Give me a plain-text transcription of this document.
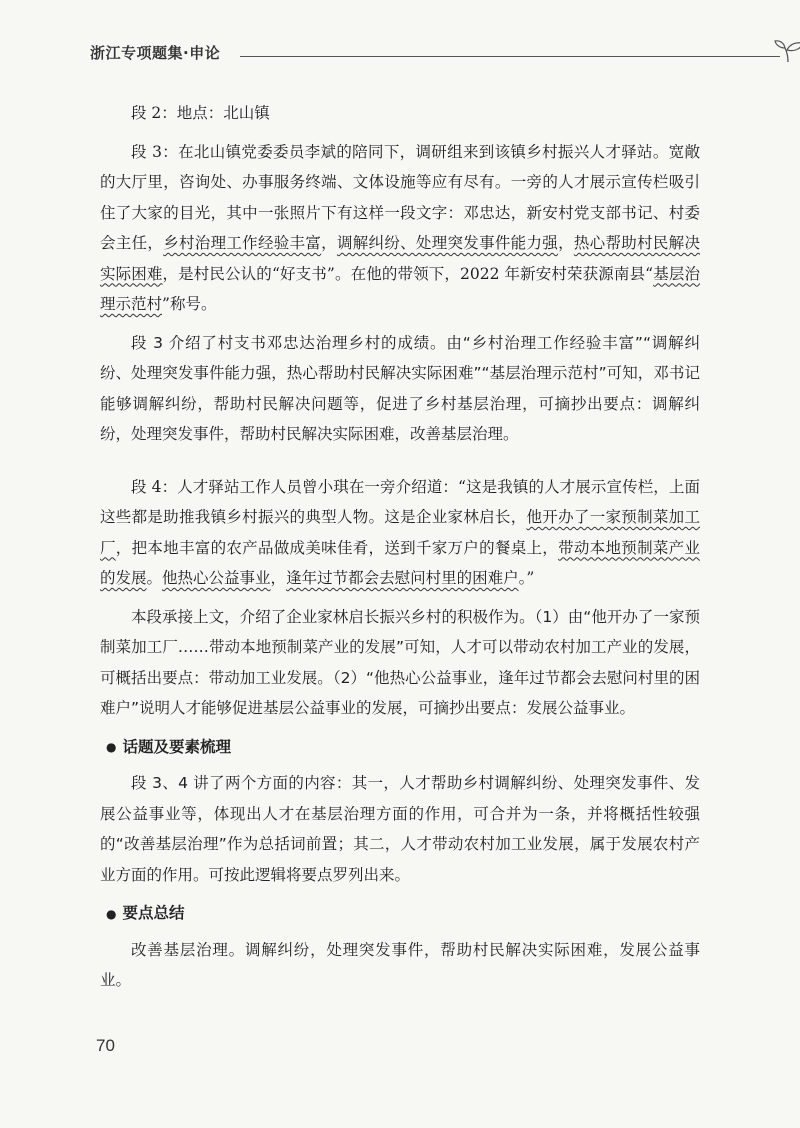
浙江专项题集·申论

段 2：地点：北山镇

段 3：在北山镇党委委员李斌的陪同下，调研组来到该镇乡村振兴人才驿站。宽敞的大厅里，咨询处、办事服务终端、文体设施等应有尽有。一旁的人才展示宣传栏吸引住了大家的目光，其中一张照片下有这样一段文字：邓忠达，新安村党支部书记、村委会主任，乡村治理工作经验丰富，调解纠纷、处理突发事件能力强，热心帮助村民解决实际困难，是村民公认的“好支书”。在他的带领下，2022 年新安村荣获源南县“基层治理示范村”称号。

段 3 介绍了村支书邓忠达治理乡村的成绩。由“乡村治理工作经验丰富”“调解纠纷、处理突发事件能力强，热心帮助村民解决实际困难”“基层治理示范村”可知，邓书记能够调解纠纷，帮助村民解决问题等，促进了乡村基层治理，可摘抄出要点：调解纠纷，处理突发事件，帮助村民解决实际困难，改善基层治理。

段 4：人才驿站工作人员曾小琪在一旁介绍道：“这是我镇的人才展示宣传栏，上面这些都是助推我镇乡村振兴的典型人物。这是企业家林启长，他开办了一家预制菜加工厂，把本地丰富的农产品做成美味佳肴，送到千家万户的餐桌上，带动本地预制菜产业的发展。他热心公益事业，逢年过节都会去慰问村里的困难户。”

本段承接上文，介绍了企业家林启长振兴乡村的积极作为。（1）由“他开办了一家预制菜加工厂……带动本地预制菜产业的发展”可知，人才可以带动农村加工产业的发展，可概括出要点：带动加工业发展。（2）“他热心公益事业，逢年过节都会去慰问村里的困难户”说明人才能够促进基层公益事业的发展，可摘抄出要点：发展公益事业。

● 话题及要素梳理

段 3、4 讲了两个方面的内容：其一，人才帮助乡村调解纠纷、处理突发事件、发展公益事业等，体现出人才在基层治理方面的作用，可合并为一条，并将概括性较强的“改善基层治理”作为总括词前置；其二，人才带动农村加工业发展，属于发展农村产业方面的作用。可按此逻辑将要点罗列出来。

● 要点总结

改善基层治理。调解纠纷，处理突发事件，帮助村民解决实际困难，发展公益事业。

70
